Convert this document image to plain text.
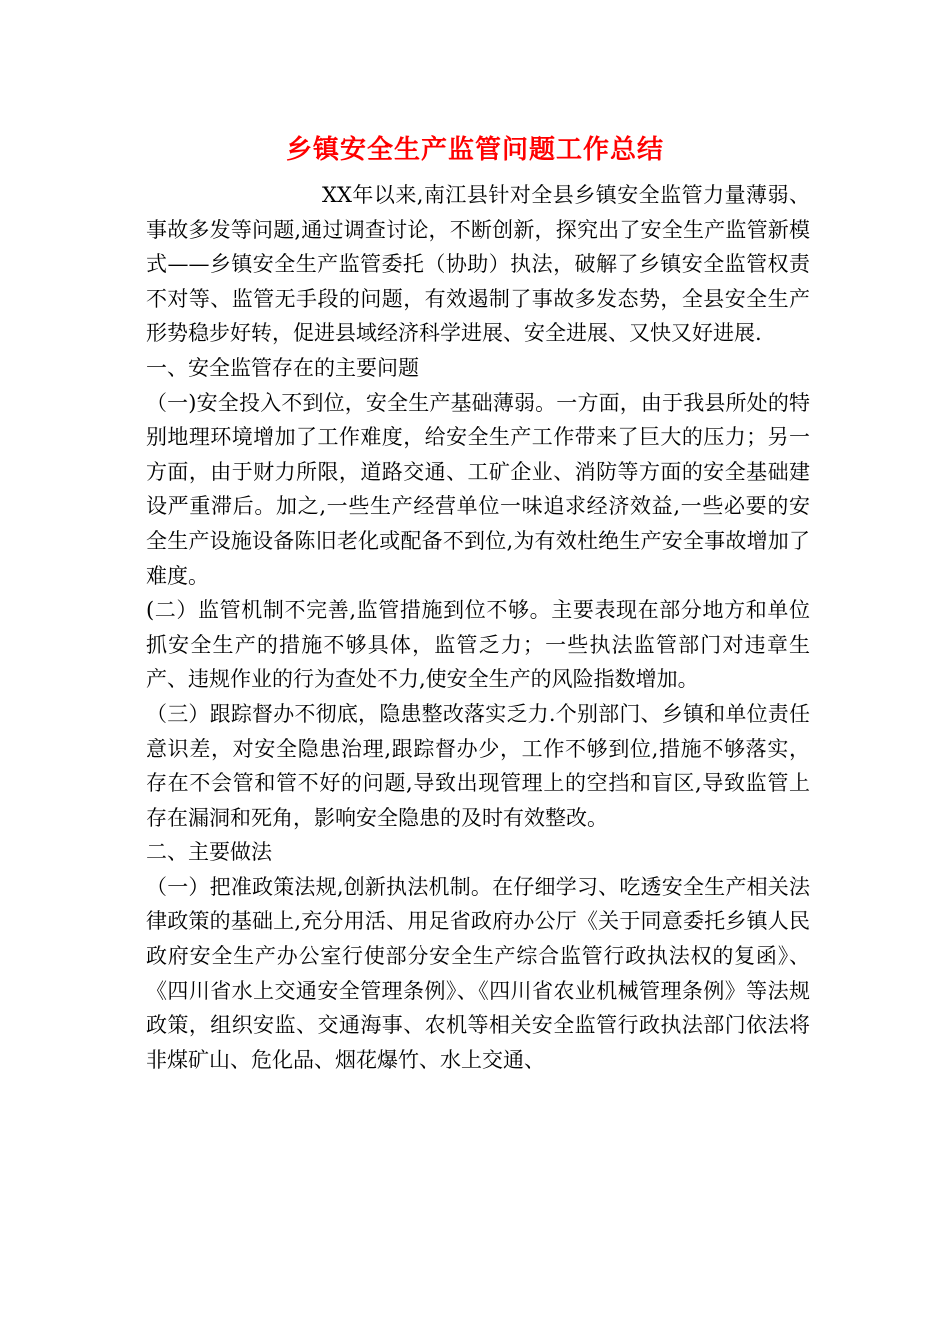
乡镇安全生产监管问题工作总结

XX年以来,南江县针对全县乡镇安全监管力量薄弱、事故多发等问题,通过调查讨论，不断创新，探究出了安全生产监管新模式——乡镇安全生产监管委托（协助）执法，破解了乡镇安全监管权责不对等、监管无手段的问题，有效遏制了事故多发态势，全县安全生产形势稳步好转，促进县域经济科学进展、安全进展、又快又好进展.

一、安全监管存在的主要问题

（一)安全投入不到位，安全生产基础薄弱。一方面，由于我县所处的特别地理环境增加了工作难度，给安全生产工作带来了巨大的压力；另一方面，由于财力所限，道路交通、工矿企业、消防等方面的安全基础建设严重滞后。加之,一些生产经营单位一味追求经济效益,一些必要的安全生产设施设备陈旧老化或配备不到位,为有效杜绝生产安全事故增加了难度。

(二）监管机制不完善,监管措施到位不够。主要表现在部分地方和单位抓安全生产的措施不够具体，监管乏力；一些执法监管部门对违章生产、违规作业的行为查处不力,使安全生产的风险指数增加。

（三）跟踪督办不彻底，隐患整改落实乏力.个别部门、乡镇和单位责任意识差，对安全隐患治理,跟踪督办少，工作不够到位,措施不够落实，存在不会管和管不好的问题,导致出现管理上的空挡和盲区,导致监管上存在漏洞和死角，影响安全隐患的及时有效整改。

二、主要做法

（一）把准政策法规,创新执法机制。在仔细学习、吃透安全生产相关法律政策的基础上,充分用活、用足省政府办公厅《关于同意委托乡镇人民政府安全生产办公室行使部分安全生产综合监管行政执法权的复函》、《四川省水上交通安全管理条例》、《四川省农业机械管理条例》等法规政策，组织安监、交通海事、农机等相关安全监管行政执法部门依法将非煤矿山、危化品、烟花爆竹、水上交通、
